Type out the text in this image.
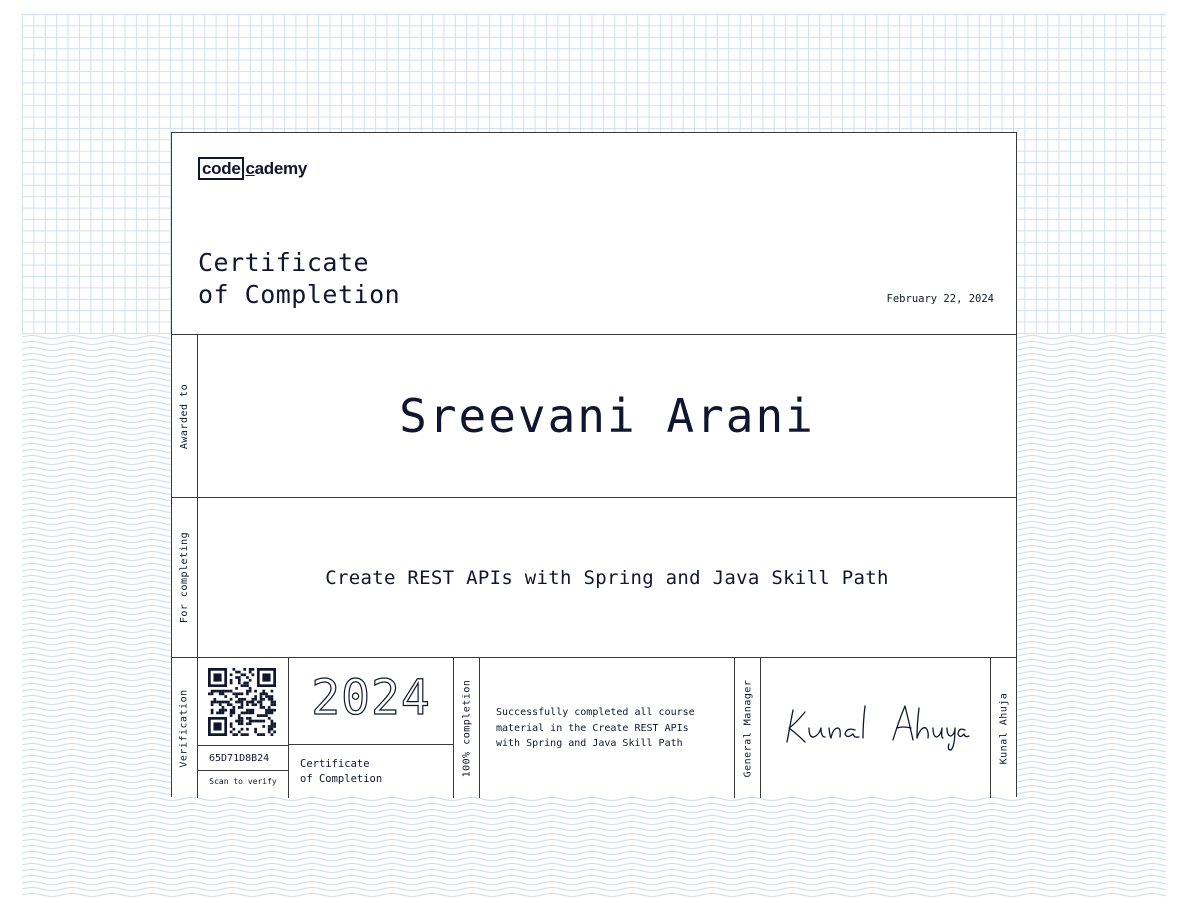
code c ademy
Certificate
of Completion	February 22, 2024
Awarded to	Sreevani Arani
For completing	Create REST APIs with Spring and Java Skill Path
Verification	65D71D8B24
Scan to verify
2024
Certificate
of Completion
100% completion Successfully completed all course
material in the Create REST APIs
with Spring and Java Skill Path	General Manager	Kunal Ahuja
